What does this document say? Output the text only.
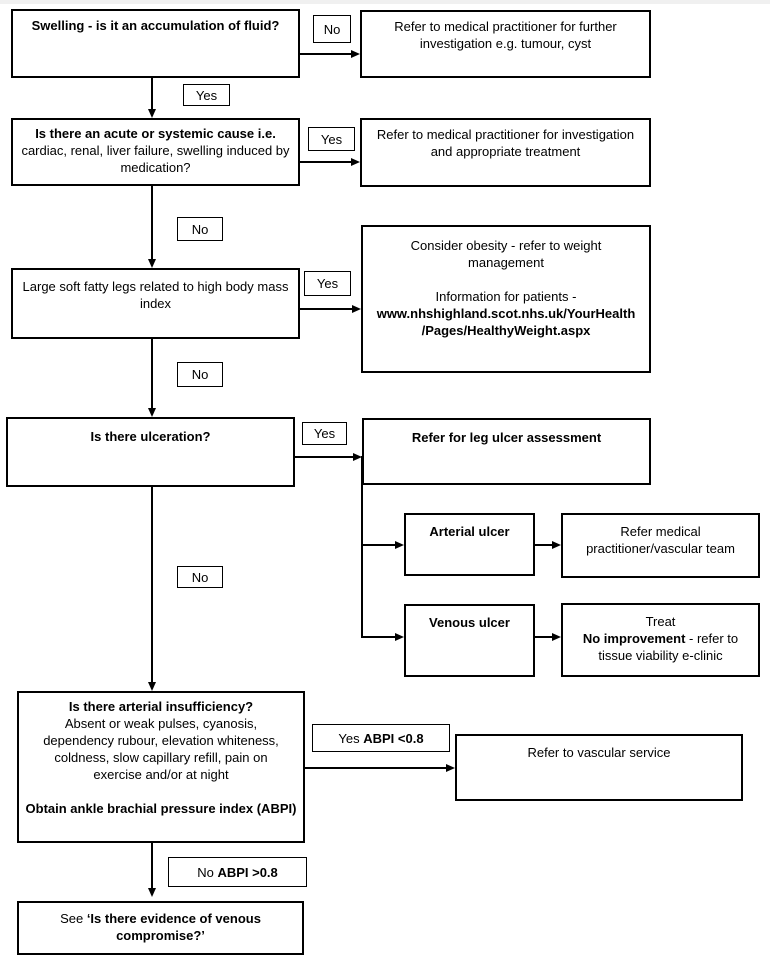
Swelling - is it an accumulation of fluid?	No	Refer to medical practitioner for further investigation e.g. tumour, cyst
Yes
Is there an acute or systemic cause i.e.
cardiac, renal, liver failure, swelling induced by medication?
Yes	Refer to medical practitioner for investigation and appropriate treatment
No
Large soft fatty legs related to high body mass index
Yes
Consider obesity - refer to weight management
Information for patients -
www.nhshighland.scot.nhs.uk/YourHealth
/Pages/HealthyWeight.aspx
No
Is there ulceration?	Yes	Refer for leg ulcer assessment
Arterial ulcer	Refer medical practitioner/vascular team
Venous ulcer	Treat
No improvement - refer to tissue viability e-clinic
No
Is there arterial insufficiency?
Absent or weak pulses, cyanosis, dependency rubour, elevation whiteness, coldness, slow capillary refill, pain on exercise and/or at night
Obtain ankle brachial pressure index (ABPI)
Yes ABPI <0.8
Refer to vascular service
No ABPI >0.8
See ‘Is there evidence of venous compromise?’
